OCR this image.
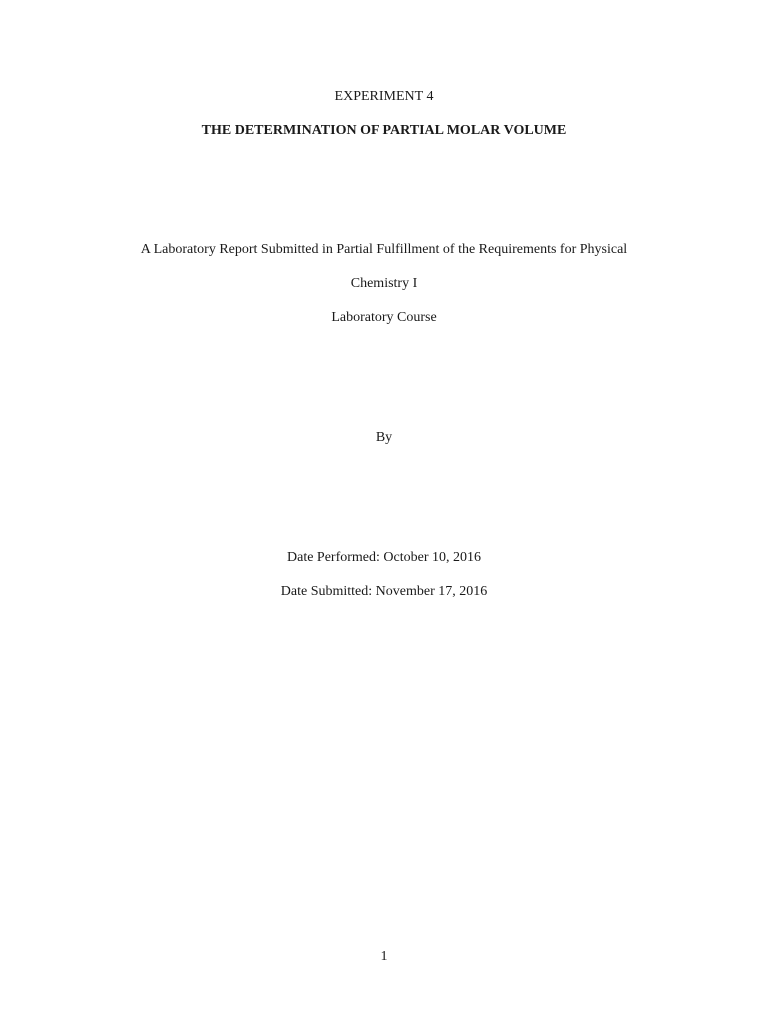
EXPERIMENT 4
THE DETERMINATION OF PARTIAL MOLAR VOLUME
A Laboratory Report Submitted in Partial Fulfillment of the Requirements for Physical
Chemistry I
Laboratory Course
By
Date Performed: October 10, 2016
Date Submitted: November 17, 2016
1
